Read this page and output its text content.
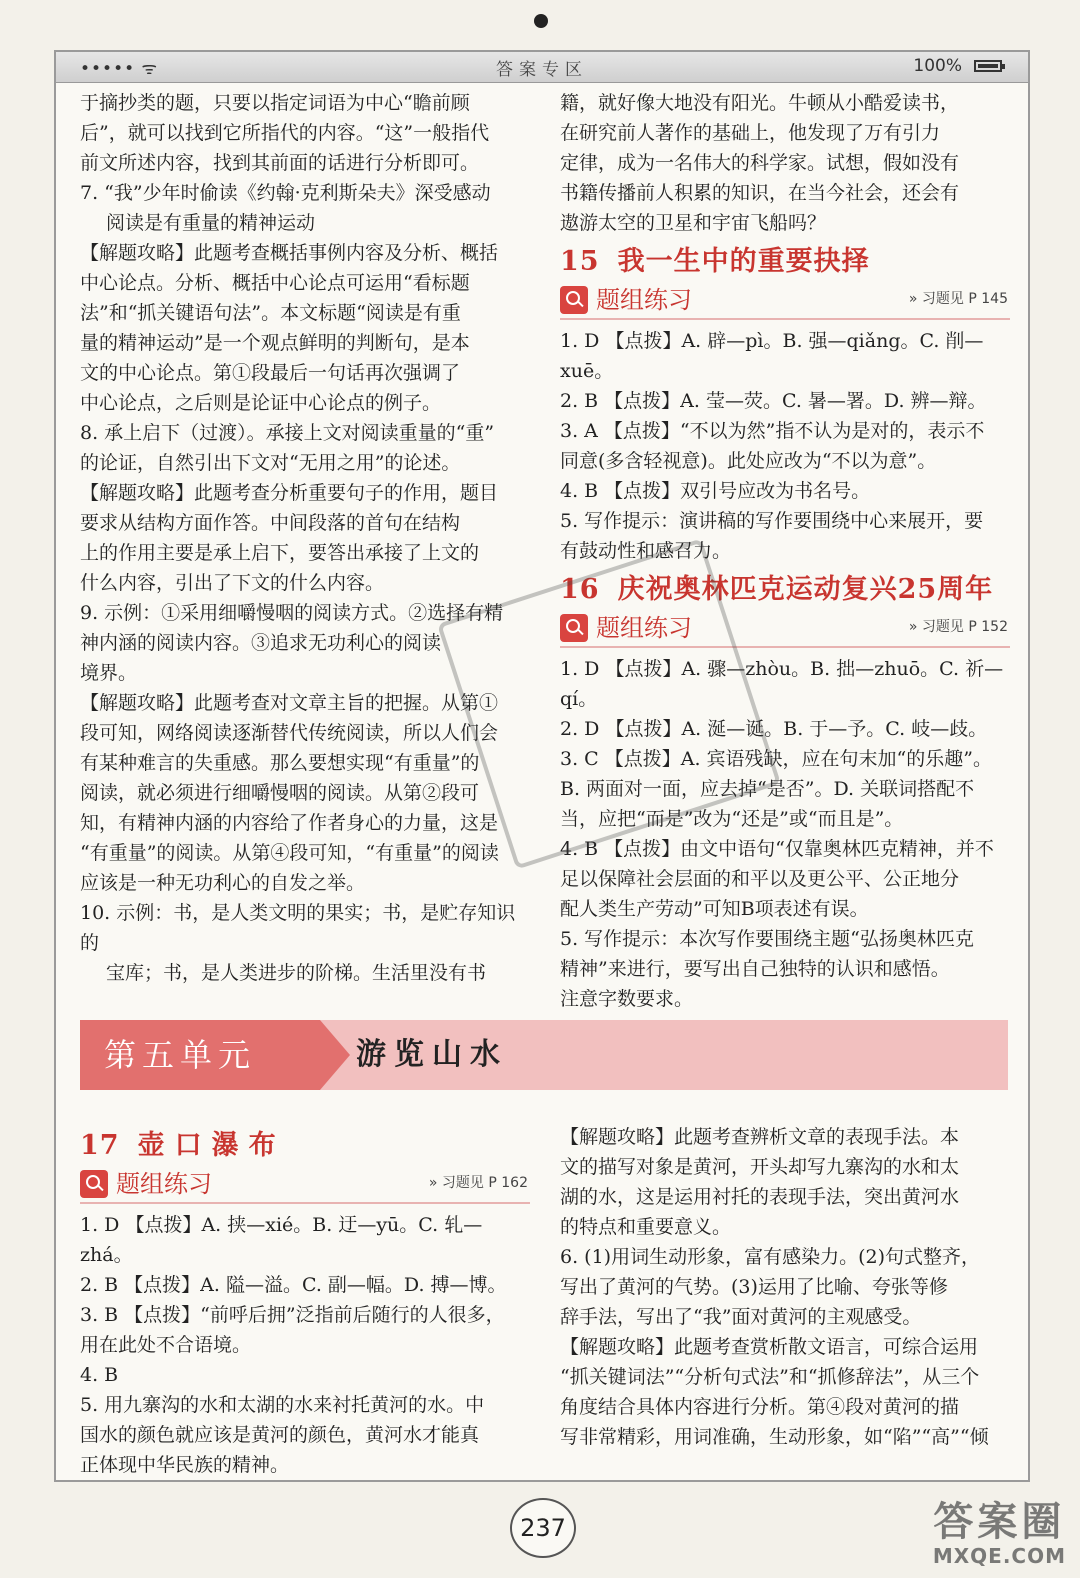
••••• ᯤ	答案专区	100%

于摘抄类的题，只要以指定词语为中心“瞻前顾

后”，就可以找到它所指代的内容。“这”一般指代

前文所述内容，找到其前面的话进行分析即可。

7. “我”少年时偷读《约翰·克利斯朵夫》深受感动

阅读是有重量的精神运动

【解题攻略】此题考查概括事例内容及分析、概括

中心论点。分析、概括中心论点可运用“看标题

法”和“抓关键语句法”。本文标题“阅读是有重

量的精神运动”是一个观点鲜明的判断句，是本

文的中心论点。第①段最后一句话再次强调了

中心论点，之后则是论证中心论点的例子。

8. 承上启下（过渡）。承接上文对阅读重量的“重”

的论证，自然引出下文对“无用之用”的论述。

【解题攻略】此题考查分析重要句子的作用，题目

要求从结构方面作答。中间段落的首句在结构

上的作用主要是承上启下，要答出承接了上文的

什么内容，引出了下文的什么内容。

9. 示例：①采用细嚼慢咽的阅读方式。②选择有精

神内涵的阅读内容。③追求无功利心的阅读

境界。

【解题攻略】此题考查对文章主旨的把握。从第①

段可知，网络阅读逐渐替代传统阅读，所以人们会

有某种难言的失重感。那么要想实现“有重量”的

阅读，就必须进行细嚼慢咽的阅读。从第②段可

知，有精神内涵的内容给了作者身心的力量，这是

“有重量”的阅读。从第④段可知，“有重量”的阅读

应该是一种无功利心的自发之举。

10. 示例：书，是人类文明的果实；书，是贮存知识的

宝库；书，是人类进步的阶梯。生活里没有书

籍，就好像大地没有阳光。牛顿从小酷爱读书，

在研究前人著作的基础上，他发现了万有引力

定律，成为一名伟大的科学家。试想，假如没有

书籍传播前人积累的知识，在当今社会，还会有

遨游太空的卫星和宇宙飞船吗？

15 我一生中的重要抉择
题组练习	» 习题见 P 145

1. D 【点拨】A. 辟—pì。B. 强—qiǎng。C. 削—xuē。

2. B 【点拨】A. 莹—荧。C. 暑—署。D. 辨—辩。

3. A 【点拨】“不以为然”指不认为是对的，表示不

同意(多含轻视意)。此处应改为“不以为意”。

4. B 【点拨】双引号应改为书名号。

5. 写作提示：演讲稿的写作要围绕中心来展开，要

有鼓动性和感召力。

16 庆祝奥林匹克运动复兴25周年
题组练习	» 习题见 P 152

1. D 【点拨】A. 骤—zhòu。B. 拙—zhuō。C. 祈—qí。

2. D 【点拨】A. 涎—诞。B. 于—予。C. 岐—歧。

3. C 【点拨】A. 宾语残缺，应在句末加“的乐趣”。

B. 两面对一面，应去掉“是否”。D. 关联词搭配不

当，应把“而是”改为“还是”或“而且是”。

4. B 【点拨】由文中语句“仅靠奥林匹克精神，并不

足以保障社会层面的和平以及更公平、公正地分

配人类生产劳动”可知B项表述有误。

5. 写作提示：本次写作要围绕主题“弘扬奥林匹克

精神”来进行，要写出自己独特的认识和感悟。

注意字数要求。

第五单元	游览山水
17 壶口瀑布
题组练习	» 习题见 P 162

1. D 【点拨】A. 挟—xié。B. 迂—yū。C. 轧—zhá。

2. B 【点拨】A. 隘—溢。C. 副—幅。D. 搏—博。

3. B 【点拨】“前呼后拥”泛指前后随行的人很多，

用在此处不合语境。

4. B

5. 用九寨沟的水和太湖的水来衬托黄河的水。中

国水的颜色就应该是黄河的颜色，黄河水才能真

正体现中华民族的精神。

【解题攻略】此题考查辨析文章的表现手法。本

文的描写对象是黄河，开头却写九寨沟的水和太

湖的水，这是运用衬托的表现手法，突出黄河水

的特点和重要意义。

6. (1)用词生动形象，富有感染力。(2)句式整齐，

写出了黄河的气势。(3)运用了比喻、夸张等修

辞手法，写出了“我”面对黄河的主观感受。

【解题攻略】此题考查赏析散文语言，可综合运用

“抓关键词法”“分析句式法”和“抓修辞法”，从三个

角度结合具体内容进行分析。第④段对黄河的描

写非常精彩，用词准确，生动形象，如“陷”“高”“倾

237	答案圈
MXQE.COM
